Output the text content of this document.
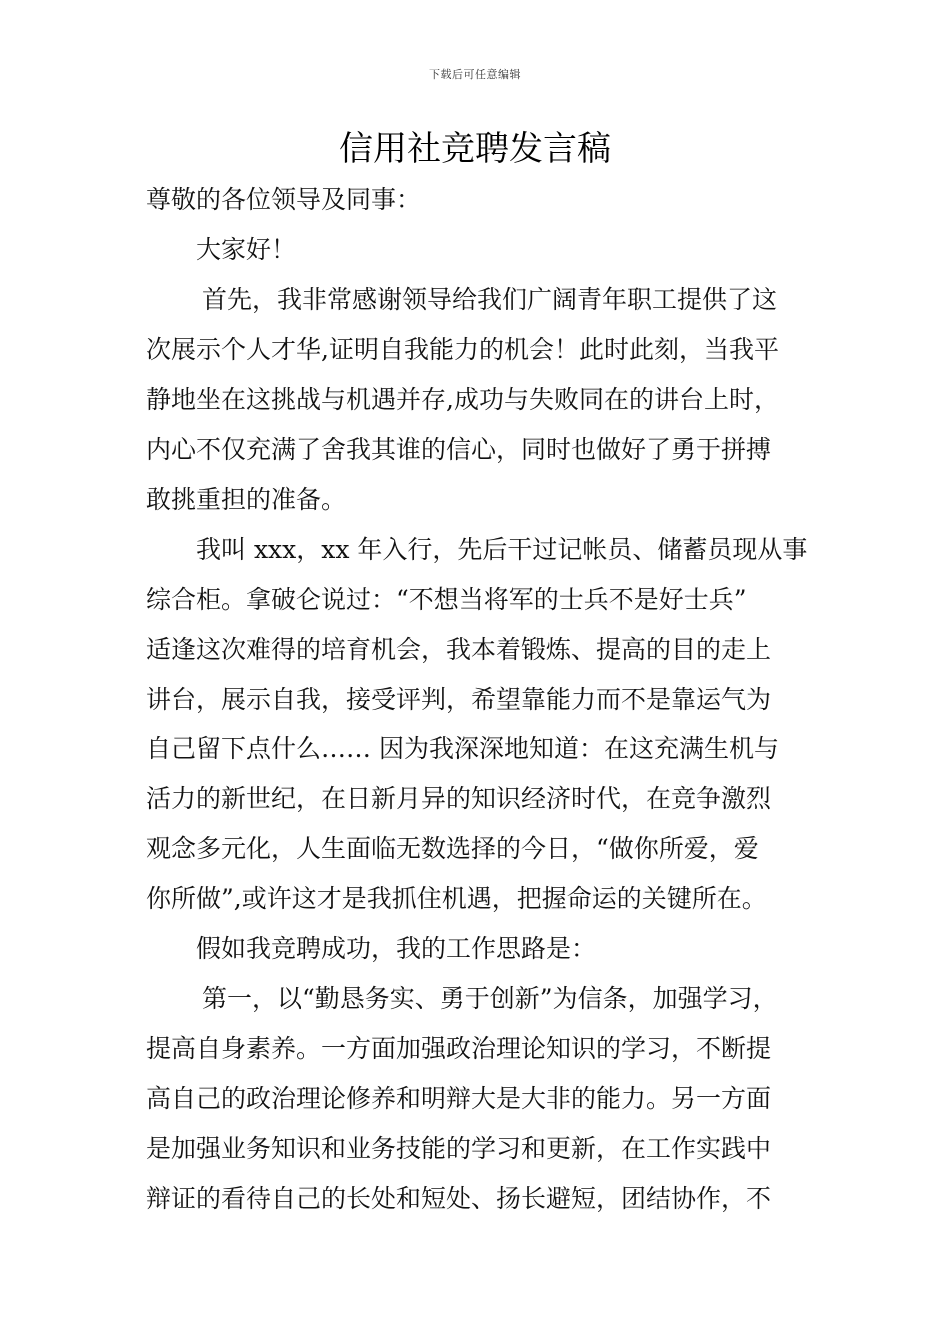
下载后可任意编辑
信用社竞聘发言稿
尊敬的各位领导及同事：
大家好！
首先，我非常感谢领导给我们广阔青年职工提供了这
次展示个人才华,证明自我能力的机会！此时此刻，当我平
静地坐在这挑战与机遇并存,成功与失败同在的讲台上时，
内心不仅充满了舍我其谁的信心，同时也做好了勇于拼搏
敢挑重担的准备。
我叫 xxx，xx 年入行，先后干过记帐员、储蓄员现从事
综合柜。拿破仑说过：“不想当将军的士兵不是好士兵”
适逢这次难得的培育机会，我本着锻炼、提高的目的走上
讲台，展示自我，接受评判，希望靠能力而不是靠运气为
自己留下点什么…… 因为我深深地知道：在这充满生机与
活力的新世纪，在日新月异的知识经济时代，在竞争激烈
观念多元化，人生面临无数选择的今日，“做你所爱，爱
你所做”,或许这才是我抓住机遇，把握命运的关键所在。
假如我竞聘成功，我的工作思路是：
第一，以“勤恳务实、勇于创新”为信条，加强学习，
提高自身素养。一方面加强政治理论知识的学习，不断提
高自己的政治理论修养和明辩大是大非的能力。另一方面
是加强业务知识和业务技能的学习和更新，在工作实践中
辩证的看待自己的长处和短处、扬长避短，团结协作，不
